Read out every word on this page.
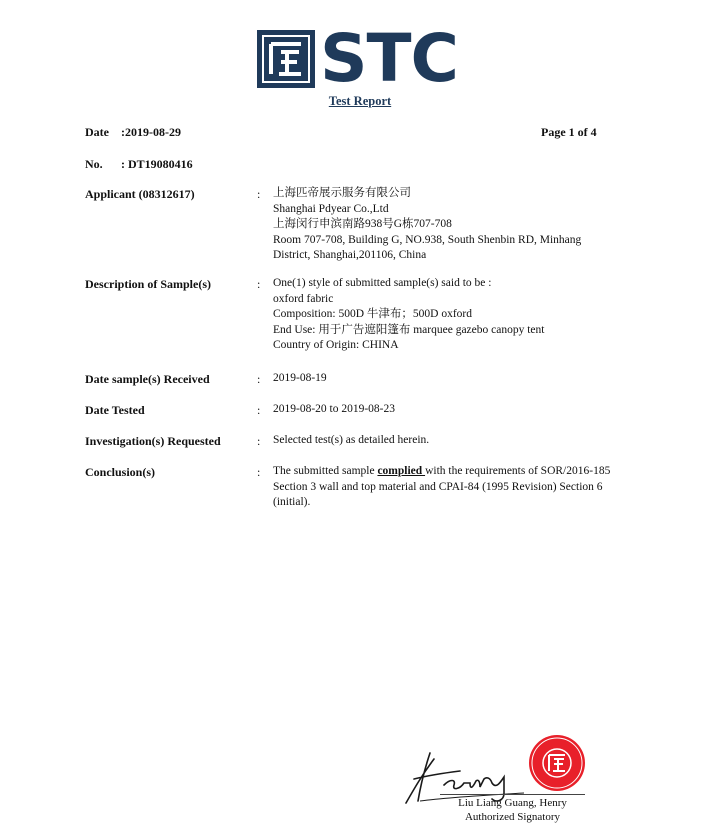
STC
Test Report
Date :2019-08-29	Page 1 of 4
No. : DT19080416
Applicant (08312617)	: 上海匹帝展示服务有限公司
Shanghai Pdyear Co.,Ltd
上海闵行申滨南路938号G栋707-708
Room 707-708, Building G, NO.938, South Shenbin RD, Minhang
District, Shanghai,201106, China
Description of Sample(s)	: One(1) style of submitted sample(s) said to be :
oxford fabric
Composition: 500D 牛津布；500D oxford
End Use: 用于广告遮阳篷布 marquee gazebo canopy tent
Country of Origin: CHINA
Date sample(s) Received	: 2019-08-19
Date Tested	: 2019-08-20 to 2019-08-23
Investigation(s) Requested	: Selected test(s) as detailed herein.
Conclusion(s)	: The submitted sample complied with the requirements of SOR/2016-185 Section 3 wall and top material and CPAI-84 (1995 Revision) Section 6 (initial).
Liu Liang Guang, Henry
Authorized Signatory
